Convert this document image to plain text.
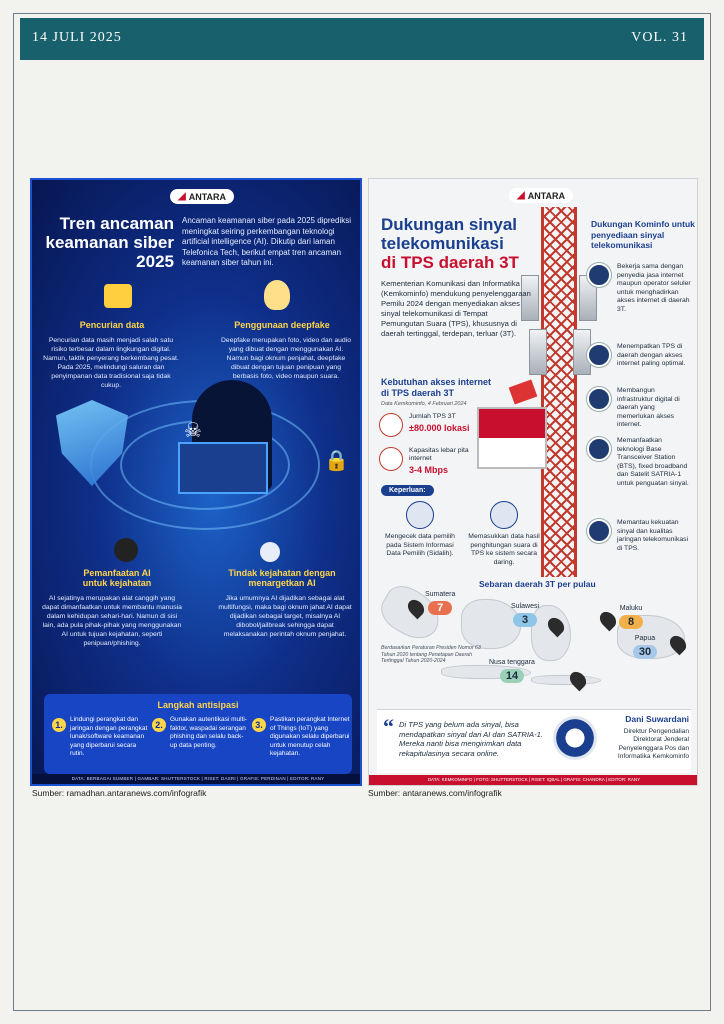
14 JULI 2025	VOL. 31
◢ ANTARA
Tren ancaman keamanan siber 2025
Ancaman keamanan siber pada 2025 diprediksi meningkat seiring perkembangan teknologi artificial intelligence (AI). Dikutip dari laman Telefonica Tech, berikut empat tren ancaman keamanan siber tahun ini.
Pencurian data
Pencurian data masih menjadi salah satu risiko terbesar dalam lingkungan digital. Namun, taktik penyerang berkembang pesat. Pada 2025, melindungi saluran dan penyimpanan data tradisional saja tidak cukup.
Penggunaan deepfake
Deepfake merupakan foto, video dan audio yang dibuat dengan menggunakan AI. Namun bagi oknum penjahat, deepfake dibuat dengan tujuan penipuan yang berbasis foto, video maupun suara.
☠
🔒
Pemanfaatan AI untuk kejahatan
AI sejatinya merupakan alat canggih yang dapat dimanfaatkan untuk membantu manusia dalam kehidupan sehari-hari. Namun di sisi lain, ada pula pihak-pihak yang menggunakan AI untuk tujuan kejahatan, seperti penipuan/phishing.
Tindak kejahatan dengan menargetkan AI
Jika umumnya AI dijadikan sebagai alat multifungsi, maka bagi oknum jahat AI dapat dijadikan sebagai target, misalnya AI dibobol/jailbreak sehingga dapat melaksanakan perintah oknum penjahat.
Langkah antisipasi
1.
Lindungi perangkat dan jaringan dengan perangkat lunak/software keamanan yang diperbarui secara rutin.
2.
Gunakan autentikasi multi-faktor, waspadai serangan phishing dan selalu back-up data penting.
3.
Pastikan perangkat Internet of Things (IoT) yang digunakan selalu diperbarui untuk menutup celah kejahatan.
DATA: BERBAGAI SUMBER | GAMBAR: SHUTTERSTOCK | RISET: DASRI | GRAFIS: PERDINAN | EDITOR: RANY
Sumber: ramadhan.antaranews.com/infografik
◢ ANTARA
Dukungan sinyal telekomunikasi
di TPS daerah 3T
Kementerian Komunikasi dan Informatika (Kemkominfo) mendukung penyelenggaraan Pemilu 2024 dengan menyediakan akses sinyal telekomunikasi di Tempat Pemungutan Suara (TPS), khususnya di daerah tertinggal, terdepan, terluar (3T).
Dukungan Kominfo untuk penyediaan sinyal telekomunikasi
Bekerja sama dengan penyedia jasa internet maupun operator seluler untuk menghadirkan akses internet di daerah 3T.
Menempatkan TPS di daerah dengan akses internet paling optimal.
Membangun infrastruktur digital di daerah yang memerlukan akses internet.
Memanfaatkan teknologi Base Transceiver Station (BTS), fixed broadband dan Satelit SATRIA-1 untuk penguatan sinyal.
Memantau kekuatan sinyal dan kualitas jaringan telekomunikasi di TPS.
Kebutuhan akses internet di TPS daerah 3T
Data Kemkominfo, 4 Februari 2024
Jumlah TPS 3T
±80.000 lokasi
Kapasitas lebar pita internet
3-4 Mbps
Keperluan:
Mengecek data pemilih pada Sistem Informasi Data Pemilih (Sidalih).
Memasukkan data hasil penghitungan suara di TPS ke sistem secara daring.
Sebaran daerah 3T per pulau
Sumatera
7	Sulawesi
3
Maluku
8
Papua
30
Nusa tenggara
14
Berdasarkan Peraturan Presiden Nomor 63 Tahun 2020 tentang Penetapan Daerah Tertinggal Tahun 2020-2024
“ Di TPS yang belum ada sinyal, bisa mendapatkan sinyal dari AI dan SATRIA-1. Mereka nanti bisa mengirimkan data rekapitulasinya secara online.
Dani Suwardani
Direktur Pengendalian Direktorat Jenderal Penyelenggara Pos dan Informatika Kemkominfo
DATA: KEMKOMINFO | FOTO: SHUTTERSTOCK | RISET: IQBAL | GRAFIS: CHANDRA | EDITOR: RANY
Sumber: antaranews.com/infografik
